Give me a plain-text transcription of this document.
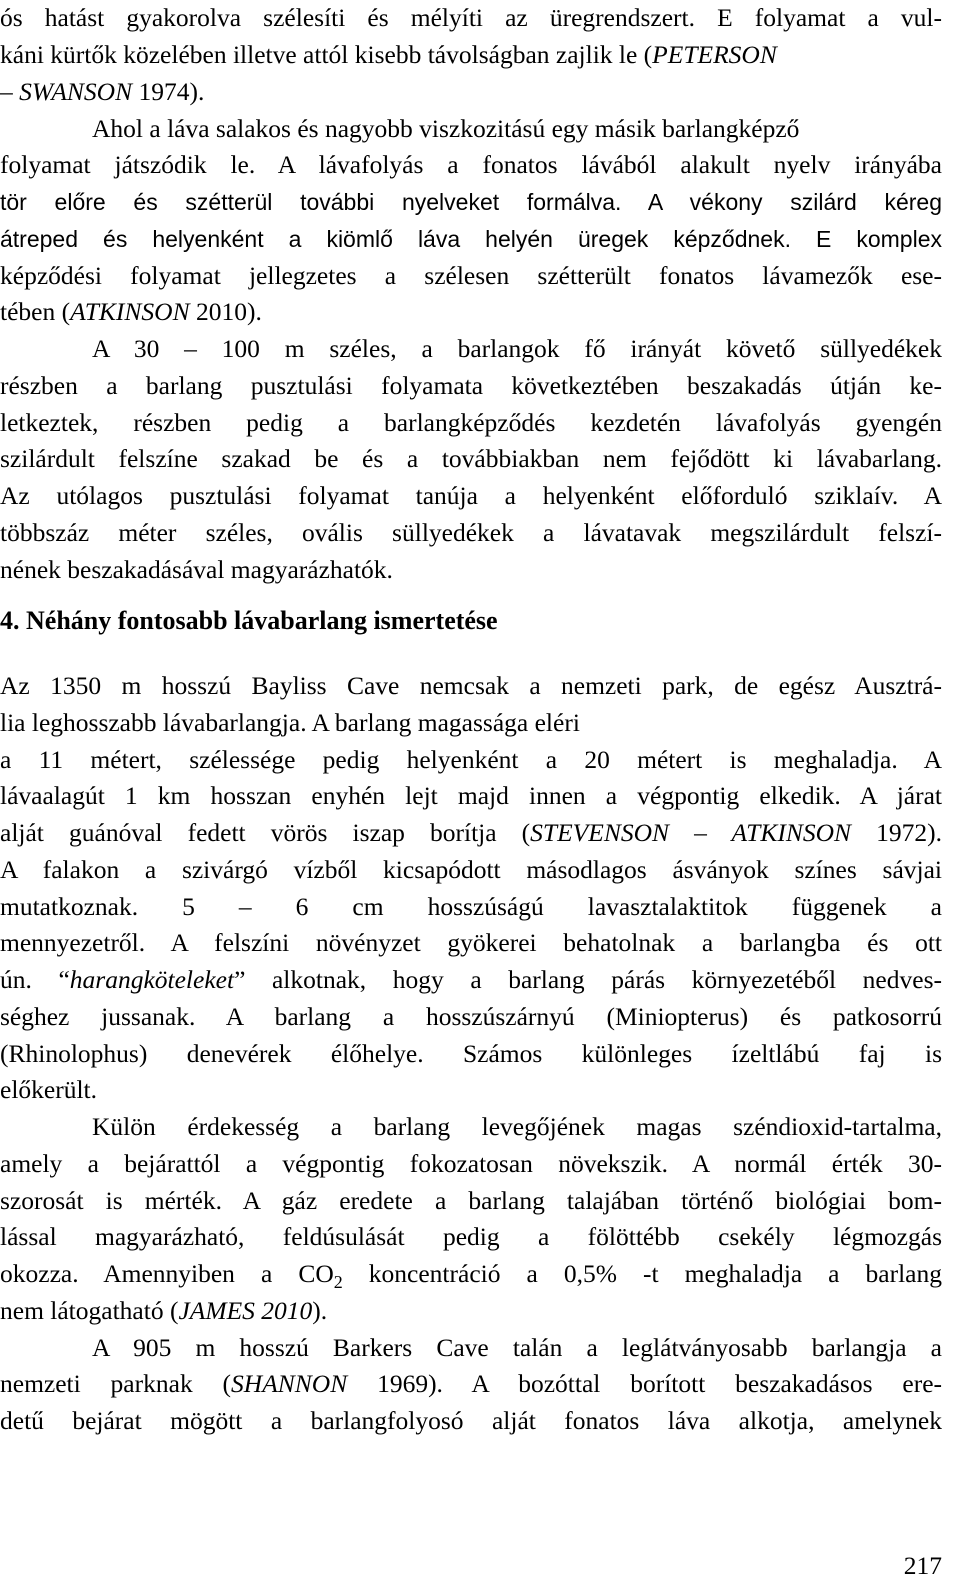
ós hatást gyakorolva szélesíti és mélyíti az üregrendszert. E folyamat a vul-
káni kürtők közelében illetve attól kisebb távolságban zajlik le (PETERSON
– SWANSON 1974).
Ahol a láva salakos és nagyobb viszkozitású egy másik barlangképző
folyamat játszódik le. A lávafolyás a fonatos lávából alakult nyelv irányába
tör előre és szétterül további nyelveket formálva. A vékony szilárd kéreg
átreped és helyenként a kiömlő láva helyén üregek képződnek. E komplex
képződési folyamat jellegzetes a szélesen szétterült fonatos lávamezők ese-
tében (ATKINSON 2010).
A 30 – 100 m széles, a barlangok fő irányát követő süllyedékek
részben a barlang pusztulási folyamata következtében beszakadás útján ke-
letkeztek, részben pedig a barlangképződés kezdetén lávafolyás gyengén
szilárdult felszíne szakad be és a továbbiakban nem fejődött ki lávabarlang.
Az utólagos pusztulási folyamat tanúja a helyenként előforduló sziklaív. A
többszáz méter széles, ovális süllyedékek a lávatavak megszilárdult felszí-
nének beszakadásával magyarázhatók.
4. Néhány fontosabb lávabarlang ismertetése
Az 1350 m hosszú Bayliss Cave nemcsak a nemzeti park, de egész Ausztrá-
lia leghosszabb lávabarlangja. A barlang magassága eléri
a 11 métert, szélessége pedig helyenként a 20 métert is meghaladja. A
lávaalagút 1 km hosszan enyhén lejt majd innen a végpontig elkedik. A járat
alját guánóval fedett vörös iszap borítja (STEVENSON – ATKINSON 1972).
A falakon a szivárgó vízből kicsapódott másodlagos ásványok színes sávjai
mutatkoznak. 5 – 6 cm hosszúságú lavasztalaktitok függenek a
mennyezetről. A felszíni növényzet gyökerei behatolnak a barlangba és ott
ún. “harangköteleket” alkotnak, hogy a barlang párás környezetéből nedves-
séghez jussanak. A barlang a hosszúszárnyú (Miniopterus) és patkosorrú
(Rhinolophus) denevérek élőhelye. Számos különleges ízeltlábú faj is
előkerült.
Külön érdekesség a barlang levegőjének magas széndioxid-tartalma,
amely a bejárattól a végpontig fokozatosan növekszik. A normál érték 30-
szorosát is mérték. A gáz eredete a barlang talajában történő biológiai bom-
lással magyarázható, feldúsulását pedig a fölöttébb csekély légmozgás
okozza. Amennyiben a $CO_2$ koncentráció a 0,5% -t meghaladja a barlang
nem látogatható (JAMES 2010).
A 905 m hosszú Barkers Cave talán a leglátványosabb barlangja a
nemzeti parknak (SHANNON 1969). A bozóttal borított beszakadásos ere-
detű bejárat mögött a barlangfolyosó alját fonatos láva alkotja, amelynek
217
